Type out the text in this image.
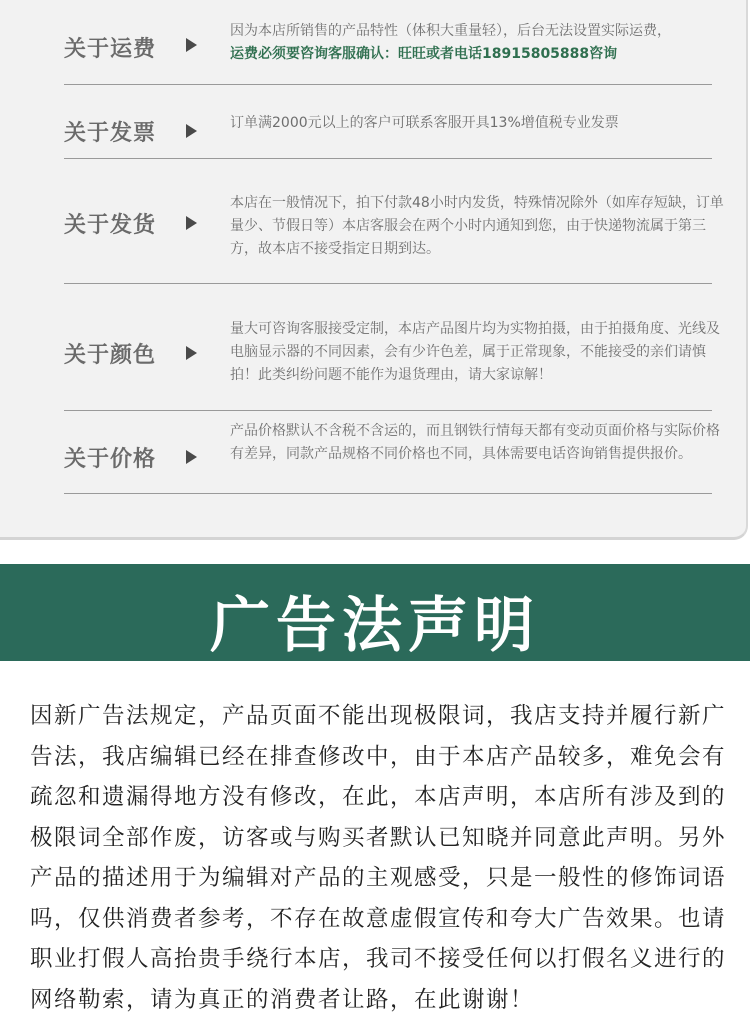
关于运费
因为本店所销售的产品特性（体积大重量轻），后台无法设置实际运费，
运费必须要咨询客服确认：旺旺或者电话18915805888咨询
关于发票	订单满2000元以上的客户可联系客服开具13%增值税专业发票
关于发货
本店在一般情况下，拍下付款48小时内发货，特殊情况除外（如库存短缺，订单量少、节假日等）本店客服会在两个小时内通知到您，由于快递物流属于第三方，故本店不接受指定日期到达。
关于颜色
量大可咨询客服接受定制，本店产品图片均为实物拍摄，由于拍摄角度、光线及电脑显示器的不同因素，会有少许色差，属于正常现象，不能接受的亲们请慎拍！此类纠纷问题不能作为退货理由，请大家谅解！
关于价格
产品价格默认不含税不含运的，而且钢铁行情每天都有变动页面价格与实际价格有差异，同款产品规格不同价格也不同，具体需要电话咨询销售提供报价。
广告法声明
因新广告法规定，产品页面不能出现极限词，我店支持并履行新广告法，我店编辑已经在排查修改中，由于本店产品较多，难免会有疏忽和遗漏得地方没有修改，在此，本店声明，本店所有涉及到的极限词全部作废，访客或与购买者默认已知晓并同意此声明。另外产品的描述用于为编辑对产品的主观感受，只是一般性的修饰词语吗，仅供消费者参考，不存在故意虚假宣传和夸大广告效果。也请职业打假人高抬贵手绕行本店，我司不接受任何以打假名义进行的网络勒索，请为真正的消费者让路，在此谢谢！
